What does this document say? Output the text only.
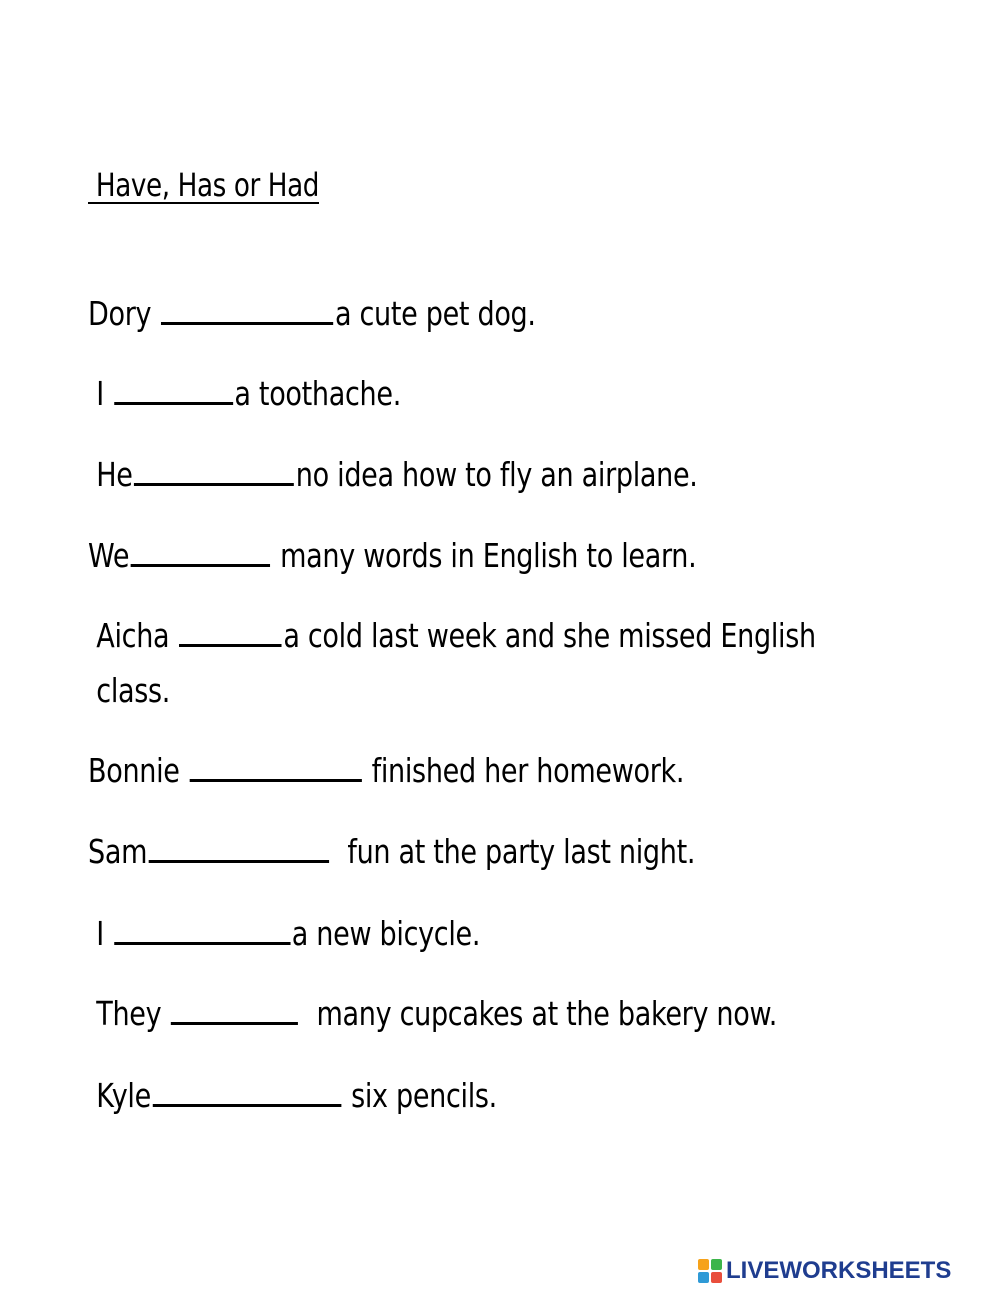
Have, Has or Had
Dory	a cute pet dog.
I	a toothache.
He	no idea how to fly an airplane.
We	many words in English to learn.
Aicha	a cold last week and she missed English
class.
Bonnie	finished her homework.
Sam	fun at the party last night.
I	a new bicycle.
They	many cupcakes at the bakery now.
Kyle	six pencils.
LIVEWORKSHEETS
